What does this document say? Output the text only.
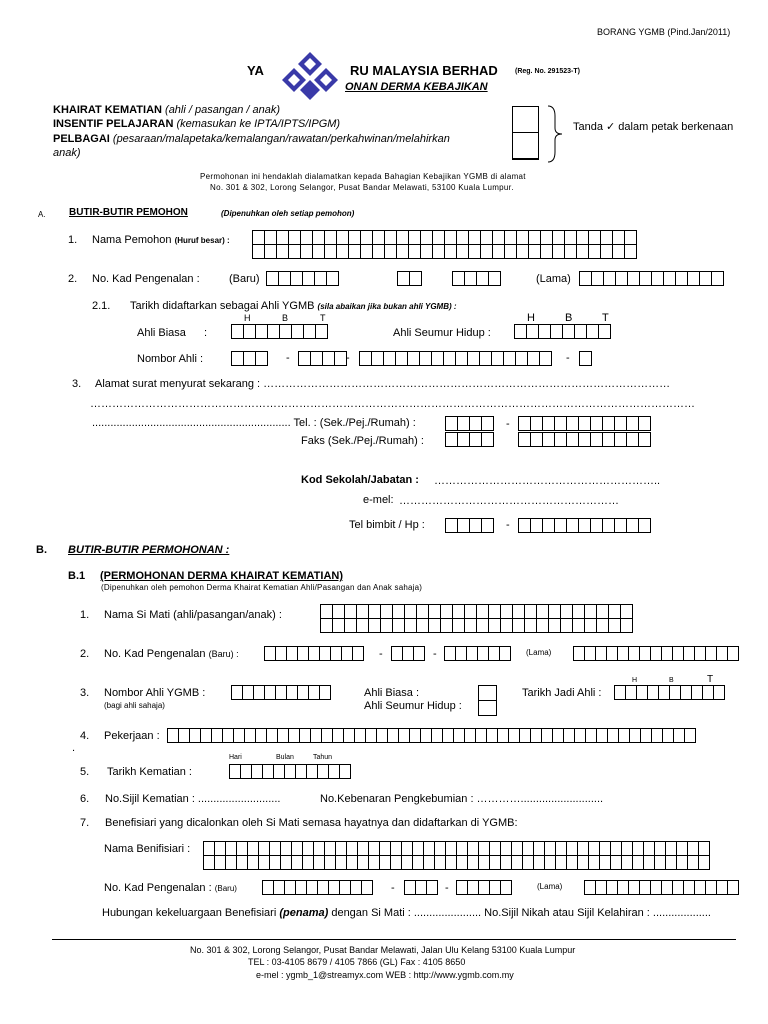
BORANG YGMB (Pind.Jan/2011)
YA	RU MALAYSIA BERHAD (Reg. No. 291523-T)
ONAN DERMA KEBAJIKAN
KHAIRAT KEMATIAN (ahli / pasangan / anak)
INSENTIF PELAJARAN (kemasukan ke IPTA/IPTS/IPGM)
PELBAGAI (pesaraan/malapetaka/kemalangan/rawatan/perkahwinan/melahirkan
anak)
Tanda ✓ dalam petak berkenaan
Permohonan ini hendaklah dialamatkan kepada Bahagian Kebajikan YGMB di alamat
No. 301 & 302, Lorong Selangor, Pusat Bandar Melawati, 53100 Kuala Lumpur.
A. BUTIR-BUTIR PEMOHON	(Dipenuhkan oleh setiap pemohon)
1. Nama Pemohon (Huruf besar) :
2. No. Kad Pengenalan :	(Baru)	(Lama)
2.1. Tarikh didaftarkan sebagai Ahli YGMB (sila abaikan jika bukan ahli YGMB) :
H	B	T
Ahli Biasa :	Ahli Seumur Hidup :
H	B	T
Nombor Ahli :	-	-	-
3. Alamat surat menyurat sekarang : …………………………………………………………………………………………………
…………………………………………………………………………………………………………………………………………………
................................................................. Tel. : (Sek./Pej./Rumah) :	-
Faks (Sek./Pej./Rumah) :
Kod Sekolah/Jabatan : ……………………………………………………..
e-mel: ……………………………………………………
Tel bimbit / Hp :	-
B. BUTIR-BUTIR PERMOHONAN :
B.1 (PERMOHONAN DERMA KHAIRAT KEMATIAN)
(Dipenuhkan oleh pemohon Derma Khairat Kematian Ahli/Pasangan dan Anak sahaja)
1. Nama Si Mati (ahli/pasangan/anak) :
2. No. Kad Pengenalan (Baru) :	-	-	(Lama)
3. Nombor Ahli YGMB :
(bagi ahli sahaja)
Ahli Biasa :
Ahli Seumur Hidup :
Tarikh Jadi Ahli :
H	B	T
4. Pekerjaan :
.
Hari	Bulan	Tahun
5. Tarikh Kematian :
6. No.Sijil Kematian : ...........................	No.Kebenaran Pengkebumian : …………...........................
7. Benefisiari yang dicalonkan oleh Si Mati semasa hayatnya dan didaftarkan di YGMB:
Nama Benifisiari :
No. Kad Pengenalan : (Baru)	-	-	(Lama)
Hubungan kekeluargaan Benefisiari (penama) dengan Si Mati : ...................... No.Sijil Nikah atau Sijil Kelahiran : ...................
No. 301 & 302, Lorong Selangor, Pusat Bandar Melawati, Jalan Ulu Kelang 53100 Kuala Lumpur
TEL : 03-4105 8679 / 4105 7866 (GL) Fax : 4105 8650
e-mel : ygmb_1@streamyx.com WEB : http://www.ygmb.com.my
